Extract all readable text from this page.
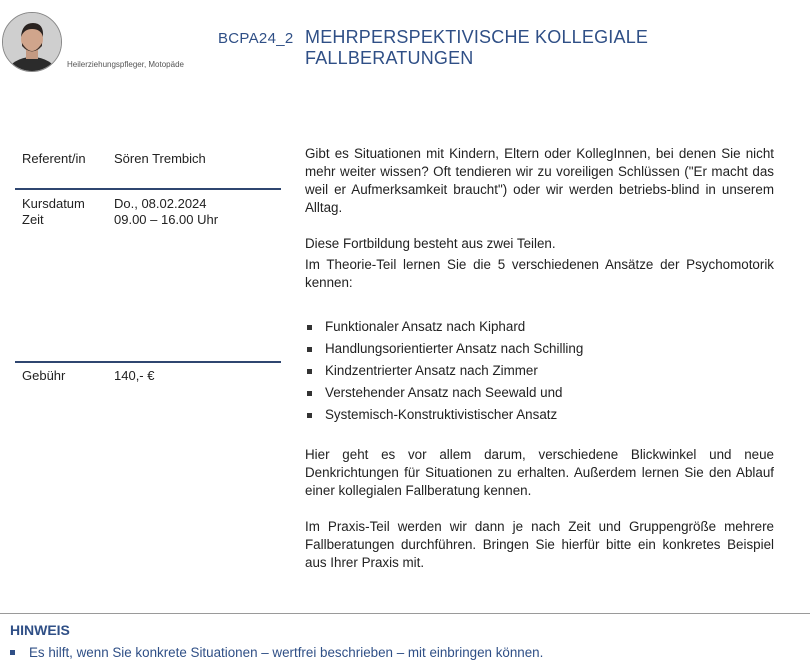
Heilerziehungspfleger, Motopäde
BCPA24_2 MEHRPERSPEKTIVISCHE KOLLEGIALE FALLBERATUNGEN
Referent/in	Sören Trembich
Kursdatum	Do., 08.02.2024
Zeit	09.00 – 16.00 Uhr
Gebühr	140,- €

Gibt es Situationen mit Kindern, Eltern oder KollegInnen, bei denen Sie nicht mehr weiter wissen? Oft tendieren wir zu voreiligen Schlüssen ("Er macht das weil er Aufmerksamkeit braucht") oder wir werden betriebs-blind in unserem Alltag.

Diese Fortbildung besteht aus zwei Teilen.

Im Theorie-Teil lernen Sie die 5 verschiedenen Ansätze der Psychomotorik kennen:

Funktionaler Ansatz nach Kiphard
Handlungsorientierter Ansatz nach Schilling
Kindzentrierter Ansatz nach Zimmer
Verstehender Ansatz nach Seewald und
Systemisch-Konstruktivistischer Ansatz

Hier geht es vor allem darum, verschiedene Blickwinkel und neue Denkrichtungen für Situationen zu erhalten. Außerdem lernen Sie den Ablauf einer kollegialen Fallberatung kennen.

Im Praxis-Teil werden wir dann je nach Zeit und Gruppengröße mehrere Fallberatungen durchführen. Bringen Sie hierfür bitte ein konkretes Beispiel aus Ihrer Praxis mit.

HINWEIS
Es hilft, wenn Sie konkrete Situationen – wertfrei beschrieben – mit einbringen können.
